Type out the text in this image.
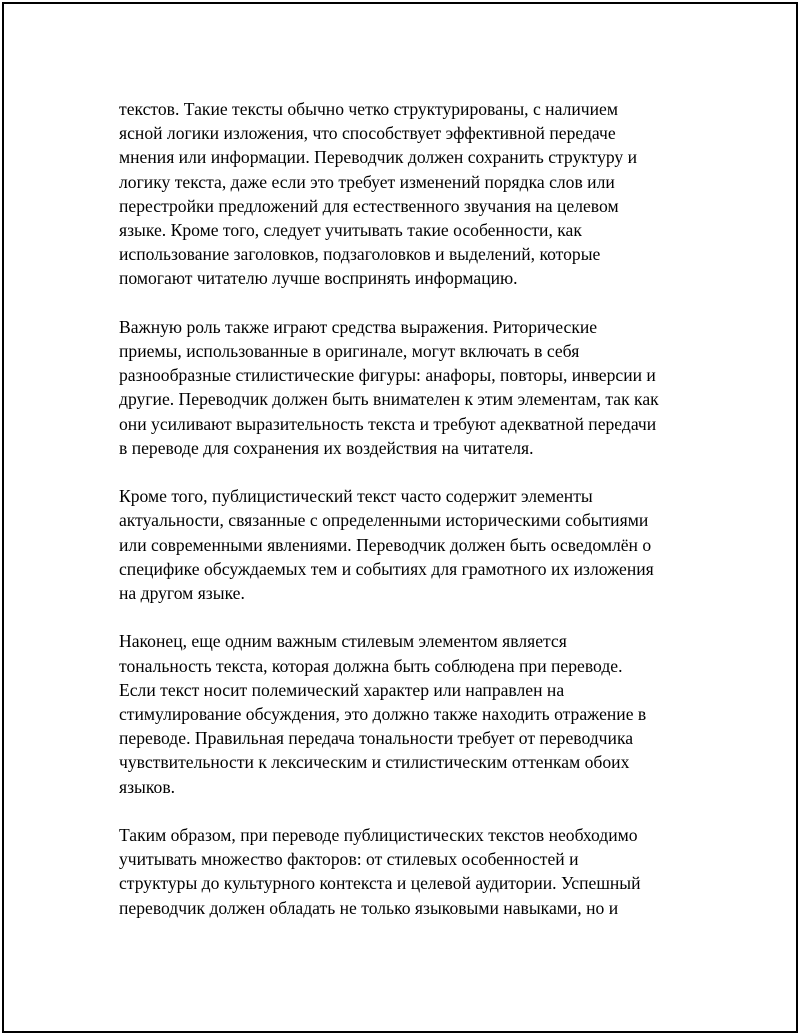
текстов. Такие тексты обычно четко структурированы, с наличием
ясной логики изложения, что способствует эффективной передаче
мнения или информации. Переводчик должен сохранить структуру и
логику текста, даже если это требует изменений порядка слов или
перестройки предложений для естественного звучания на целевом
языке. Кроме того, следует учитывать такие особенности, как
использование заголовков, подзаголовков и выделений, которые
помогают читателю лучше воспринять информацию.

Важную роль также играют средства выражения. Риторические
приемы, использованные в оригинале, могут включать в себя
разнообразные стилистические фигуры: анафоры, повторы, инверсии и
другие. Переводчик должен быть внимателен к этим элементам, так как
они усиливают выразительность текста и требуют адекватной передачи
в переводе для сохранения их воздействия на читателя.

Кроме того, публицистический текст часто содержит элементы
актуальности, связанные с определенными историческими событиями
или современными явлениями. Переводчик должен быть осведомлён о
специфике обсуждаемых тем и событиях для грамотного их изложения
на другом языке.

Наконец, еще одним важным стилевым элементом является
тональность текста, которая должна быть соблюдена при переводе.
Если текст носит полемический характер или направлен на
стимулирование обсуждения, это должно также находить отражение в
переводе. Правильная передача тональности требует от переводчика
чувствительности к лексическим и стилистическим оттенкам обоих
языков.

Таким образом, при переводе публицистических текстов необходимо
учитывать множество факторов: от стилевых особенностей и
структуры до культурного контекста и целевой аудитории. Успешный
переводчик должен обладать не только языковыми навыками, но и
